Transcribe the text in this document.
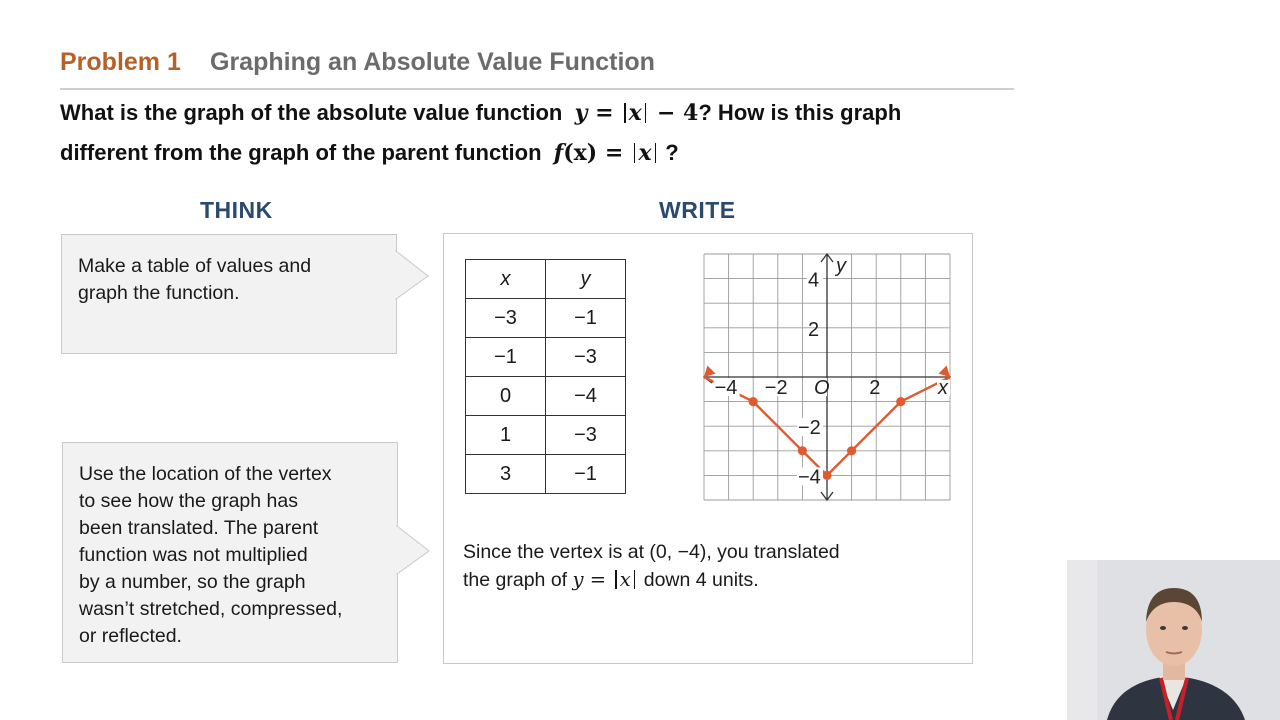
Problem 1 Graphing an Absolute Value Function
What is the graph of the absolute value function y = x − 4? How is this graph
different from the graph of the parent function f(x) = x ?
THINK
Make a table of values and
graph the function.
Use the location of the vertex
to see how the graph has
been translated. The parent
function was not multiplied
by a number, so the graph
wasn’t stretched, compressed,
or reflected.
WRITE
x	y
−3	−1
−1	−3
0	−4
1	−3
3	−1
−4 −2	2
O	x
4
2
−2
−4
y
Since the vertex is at (0, −4), you translated
the graph of y = x down 4 units.
